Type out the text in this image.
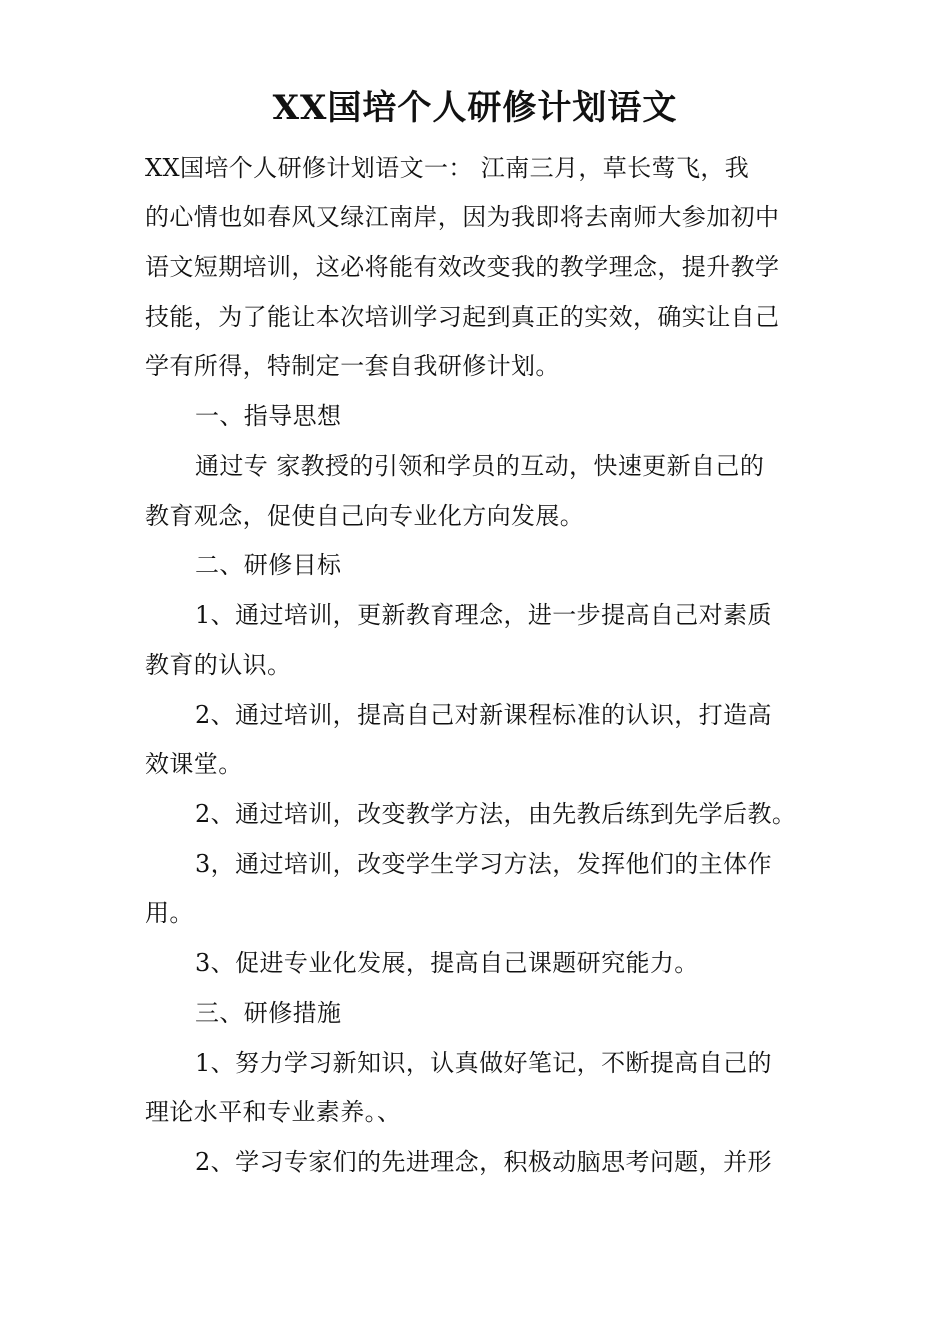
XX国培个人研修计划语文
XX国培个人研修计划语文一： 江南三月，草长莺飞，我
的心情也如春风又绿江南岸，因为我即将去南师大参加初中
语文短期培训，这必将能有效改变我的教学理念，提升教学
技能，为了能让本次培训学习起到真正的实效，确实让自己
学有所得，特制定一套自我研修计划。
一、指导思想
通过专 家教授的引领和学员的互动，快速更新自己的
教育观念，促使自己向专业化方向发展。
二、研修目标
1、通过培训，更新教育理念，进一步提高自己对素质
教育的认识。
2、通过培训，提高自己对新课程标准的认识，打造高
效课堂。
2、通过培训，改变教学方法，由先教后练到先学后教。
3，通过培训，改变学生学习方法，发挥他们的主体作
用。
3、促进专业化发展，提高自己课题研究能力。
三、研修措施
1、努力学习新知识，认真做好笔记，不断提高自己的
理论水平和专业素养。、
2、学习专家们的先进理念，积极动脑思考问题，并形
